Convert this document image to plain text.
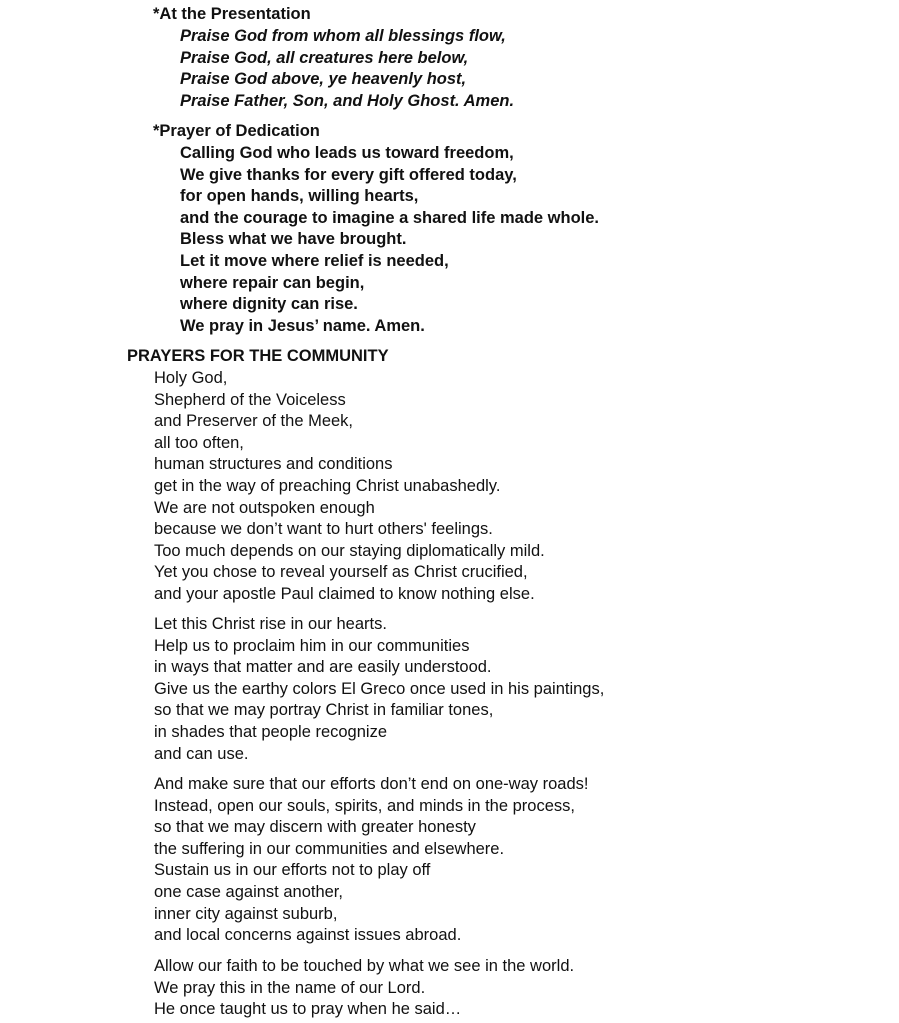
*At the Presentation
Praise God from whom all blessings flow,
Praise God, all creatures here below,
Praise God above, ye heavenly host,
Praise Father, Son, and Holy Ghost. Amen.
*Prayer of Dedication
Calling God who leads us toward freedom,
We give thanks for every gift offered today,
for open hands, willing hearts,
and the courage to imagine a shared life made whole.
Bless what we have brought.
Let it move where relief is needed,
where repair can begin,
where dignity can rise.
We pray in Jesus’ name. Amen.
PRAYERS FOR THE COMMUNITY
Holy God,
Shepherd of the Voiceless
and Preserver of the Meek,
all too often,
human structures and conditions
get in the way of preaching Christ unabashedly.
We are not outspoken enough
because we don’t want to hurt others' feelings.
Too much depends on our staying diplomatically mild.
Yet you chose to reveal yourself as Christ crucified,
and your apostle Paul claimed to know nothing else.
Let this Christ rise in our hearts.
Help us to proclaim him in our communities
in ways that matter and are easily understood.
Give us the earthy colors El Greco once used in his paintings,
so that we may portray Christ in familiar tones,
in shades that people recognize
and can use.
And make sure that our efforts don’t end on one-way roads!
Instead, open our souls, spirits, and minds in the process,
so that we may discern with greater honesty
the suffering in our communities and elsewhere.
Sustain us in our efforts not to play off
one case against another,
inner city against suburb,
and local concerns against issues abroad.
Allow our faith to be touched by what we see in the world.
We pray this in the name of our Lord.
He once taught us to pray when he said…
